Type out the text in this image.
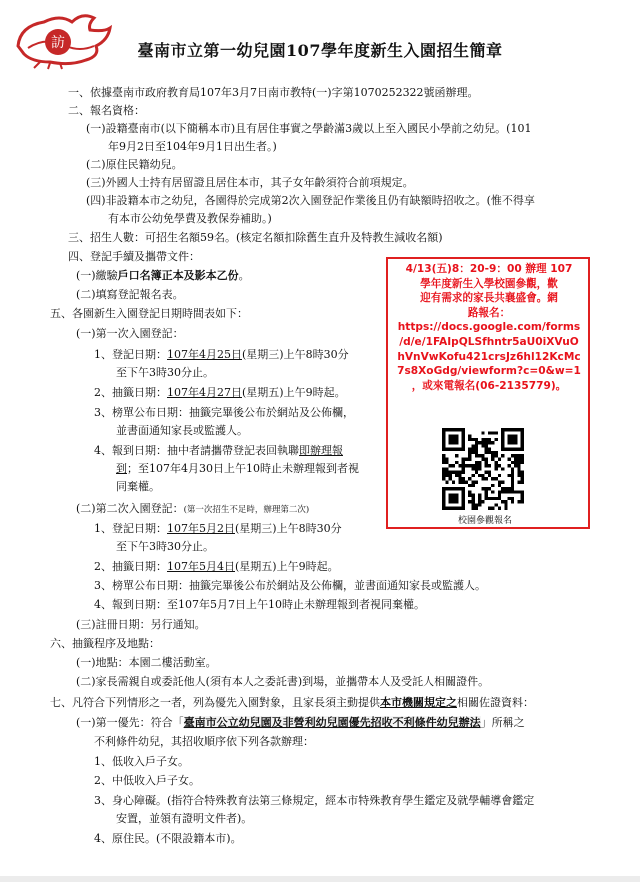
訪	臺南市立第一幼兒園107學年度新生入園招生簡章
一、依據臺南市政府教育局107年3月7日南市教特(一)字第1070252322號函辦理。
二、報名資格：
(一)設籍臺南市(以下簡稱本市)且有居住事實之學齡滿3歲以上至入國民小學前之幼兒。(101
年9月2日至104年9月1日出生者。)
(二)原住民籍幼兒。
(三)外國人士持有居留證且居住本市，其子女年齡須符合前項規定。
(四)非設籍本市之幼兒，各園得於完成第2次入園登記作業後且仍有缺額時招收之。(惟不得享
有本市公幼免學費及教保券補助。)
三、招生人數：可招生名額59名。(核定名額扣除舊生直升及特教生減收名額)
四、登記手續及攜帶文件：
(一)繳驗戶口名簿正本及影本乙份。
(二)填寫登記報名表。
五、各園新生入園登記日期時間表如下：
(一)第一次入園登記：
1、登記日期：107年4月25日(星期三)上午8時30分
至下午3時30分止。
2、抽籤日期：107年4月27日(星期五)上午9時起。
3、榜單公布日期：抽籤完畢後公布於網站及公佈欄，
並書面通知家長或監護人。
4、報到日期：抽中者請攜帶登記表回執聯即辦理報
到；至107年4月30日上午10時止未辦理報到者視
同棄權。
(二)第二次入園登記：(第一次招生不足時，辦理第二次)
1、登記日期：107年5月2日(星期三)上午8時30分
至下午3時30分止。
2、抽籤日期：107年5月4日(星期五)上午9時起。
3、榜單公布日期：抽籤完畢後公布於網站及公佈欄，並書面通知家長或監護人。
4、報到日期：至107年5月7日上午10時止未辦理報到者視同棄權。
(三)註冊日期：另行通知。
六、抽籤程序及地點：
(一)地點：本園二樓活動室。
(二)家長需親自或委託他人(須有本人之委託書)到場，並攜帶本人及受託人相關證件。
七、凡符合下列情形之一者，列為優先入園對象，且家長須主動提供本市機關規定之相關佐證資料：
(一)第一優先：符合「臺南市公立幼兒園及非營利幼兒園優先招收不利條件幼兒辦法」所稱之
不利條件幼兒，其招收順序依下列各款辦理：
1、低收入戶子女。
2、中低收入戶子女。
3、身心障礙。(指符合特殊教育法第三條規定，經本市特殊教育學生鑑定及就學輔導會鑑定
安置，並領有證明文件者)。
4、原住民。(不限設籍本市)。
4/13(五)8：20-9：00 辦理 107
學年度新生入學校園參觀，歡
迎有需求的家長共襄盛會。網
路報名：
https://docs.google.com/forms
/d/e/1FAIpQLSfhntr5aU0iXVuO
hVnVwKofu421crsJz6hl12KcMc
7s8XoGdg/viewform?c=0&w=1
，或來電報名(06-2135779)。
校園參觀報名
